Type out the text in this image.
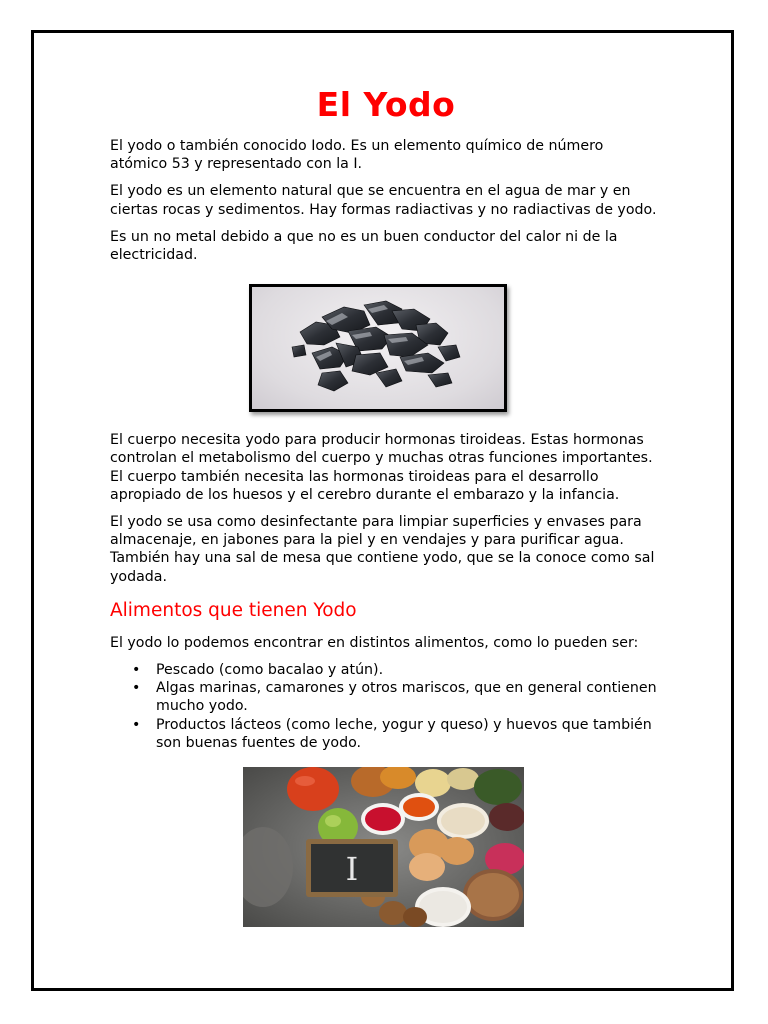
El Yodo

El yodo o también conocido Iodo. Es un elemento químico de número atómico 53 y representado con la I.

El yodo es un elemento natural que se encuentra en el agua de mar y en ciertas rocas y sedimentos. Hay formas radiactivas y no radiactivas de yodo.

Es un no metal debido a que no es un buen conductor del calor ni de la electricidad.

El cuerpo necesita yodo para producir hormonas tiroideas. Estas hormonas controlan el metabolismo del cuerpo y muchas otras funciones importantes. El cuerpo también necesita las hormonas tiroideas para el desarrollo apropiado de los huesos y el cerebro durante el embarazo y la infancia.

El yodo se usa como desinfectante para limpiar superficies y envases para almacenaje, en jabones para la piel y en vendajes y para purificar agua. También hay una sal de mesa que contiene yodo, que se la conoce como sal yodada.

Alimentos que tienen Yodo

El yodo lo podemos encontrar en distintos alimentos, como lo pueden ser:

• Pescado (como bacalao y atún).
• Algas marinas, camarones y otros mariscos, que en general contienen mucho yodo.
• Productos lácteos (como leche, yogur y queso) y huevos que también son buenas fuentes de yodo.
I
